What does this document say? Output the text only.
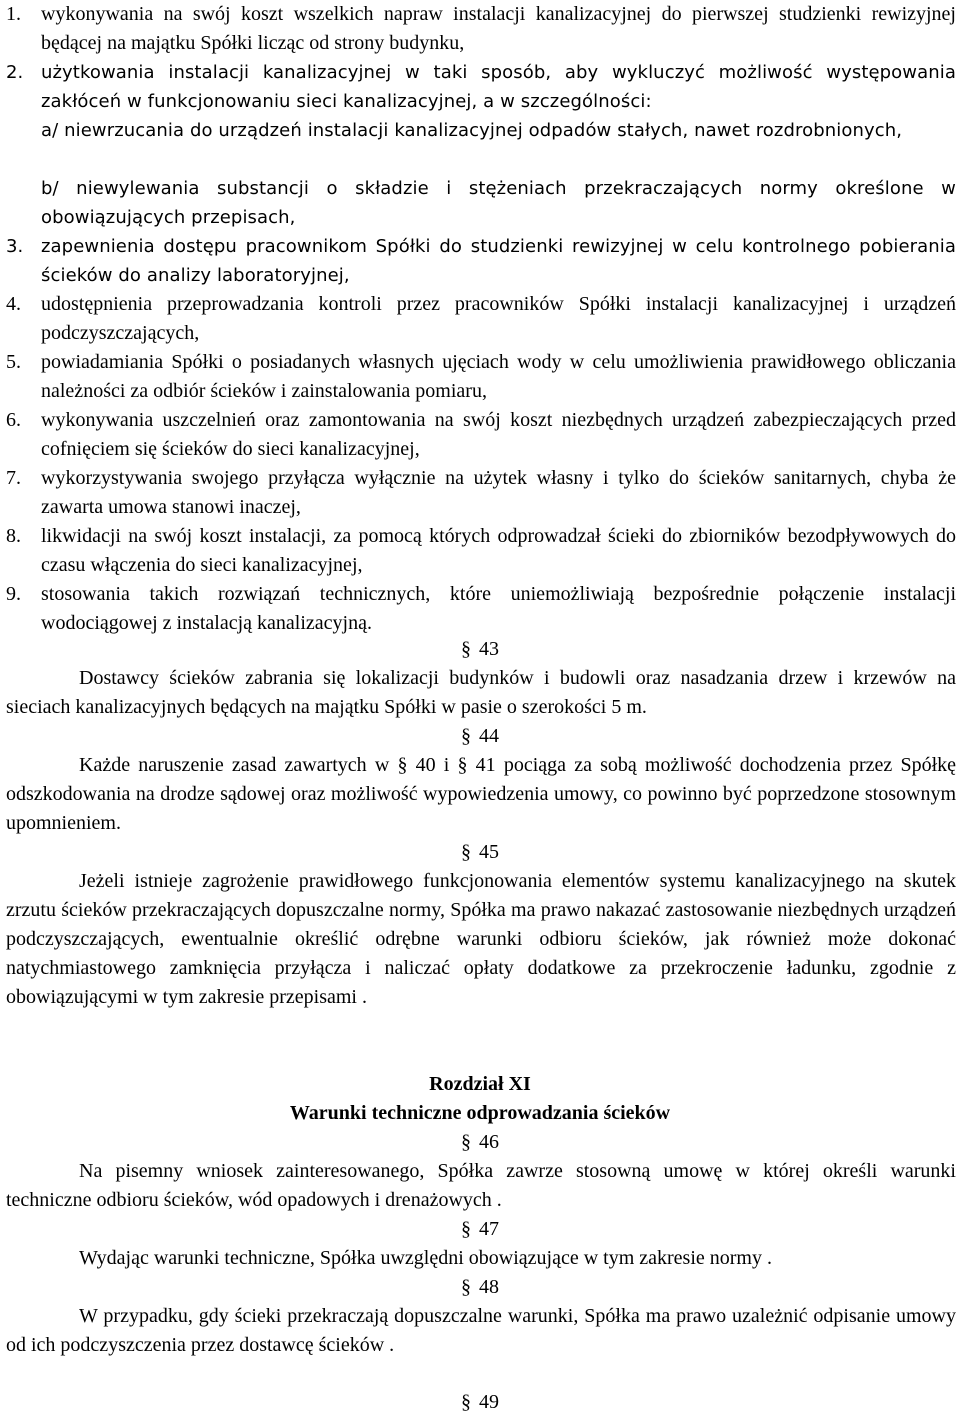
1.	wykonywania na swój koszt wszelkich napraw instalacji kanalizacyjnej do pierwszej studzienki rewizyjnej będącej na majątku Spółki licząc od strony budynku,
2. użytkowania instalacji kanalizacyjnej w taki sposób, aby wykluczyć możliwość występowania zakłóceń w funkcjonowaniu sieci kanalizacyjnej, a w szczególności:
a/ niewrzucania do urządzeń instalacji kanalizacyjnej odpadów stałych, nawet rozdrobnionych,
b/ niewylewania substancji o składzie i stężeniach przekraczających normy określone w obowiązujących przepisach,
3. zapewnienia dostępu pracownikom Spółki do studzienki rewizyjnej w celu kontrolnego pobierania ścieków do analizy laboratoryjnej,
4.	udostępnienia przeprowadzania kontroli przez pracowników Spółki instalacji kanalizacyjnej i urządzeń podczyszczających,
5.	powiadamiania Spółki o posiadanych własnych ujęciach wody w celu umożliwienia prawidłowego obliczania należności za odbiór ścieków i zainstalowania pomiaru,
6.	wykonywania uszczelnień oraz zamontowania na swój koszt niezbędnych urządzeń zabezpieczających przed cofnięciem się ścieków do sieci kanalizacyjnej,
7.	wykorzystywania swojego przyłącza wyłącznie na użytek własny i tylko do ścieków sanitarnych, chyba że zawarta umowa stanowi inaczej,
8.	likwidacji na swój koszt instalacji, za pomocą których odprowadzał ścieki do zbiorników bezodpływowych do czasu włączenia do sieci kanalizacyjnej,
9.	stosowania takich rozwiązań technicznych, które uniemożliwiają bezpośrednie połączenie instalacji wodociągowej z instalacją kanalizacyjną.
§ 43
Dostawcy ścieków zabrania się lokalizacji budynków i budowli oraz nasadzania drzew i krzewów na sieciach kanalizacyjnych będących na majątku Spółki w pasie o szerokości 5 m.
§ 44
Każde naruszenie zasad zawartych w § 40 i § 41 pociąga za sobą możliwość dochodzenia przez Spółkę odszkodowania na drodze sądowej oraz możliwość wypowiedzenia umowy, co powinno być poprzedzone stosownym upomnieniem.
§ 45
Jeżeli istnieje zagrożenie prawidłowego funkcjonowania elementów systemu kanalizacyjnego na skutek zrzutu ścieków przekraczających dopuszczalne normy, Spółka ma prawo nakazać zastosowanie niezbędnych urządzeń podczyszczających, ewentualnie określić odrębne warunki odbioru ścieków, jak również może dokonać natychmiastowego zamknięcia przyłącza i naliczać opłaty dodatkowe za przekroczenie ładunku, zgodnie z obowiązującymi w tym zakresie przepisami .
Rozdział XI
Warunki techniczne odprowadzania ścieków
§ 46
Na pisemny wniosek zainteresowanego, Spółka zawrze stosowną umowę w której określi warunki techniczne odbioru ścieków, wód opadowych i drenażowych .
§ 47
Wydając warunki techniczne, Spółka uwzględni obowiązujące w tym zakresie normy .
§ 48
W przypadku, gdy ścieki przekraczają dopuszczalne warunki, Spółka ma prawo uzależnić odpisanie umowy od ich podczyszczenia przez dostawcę ścieków .
§ 49
